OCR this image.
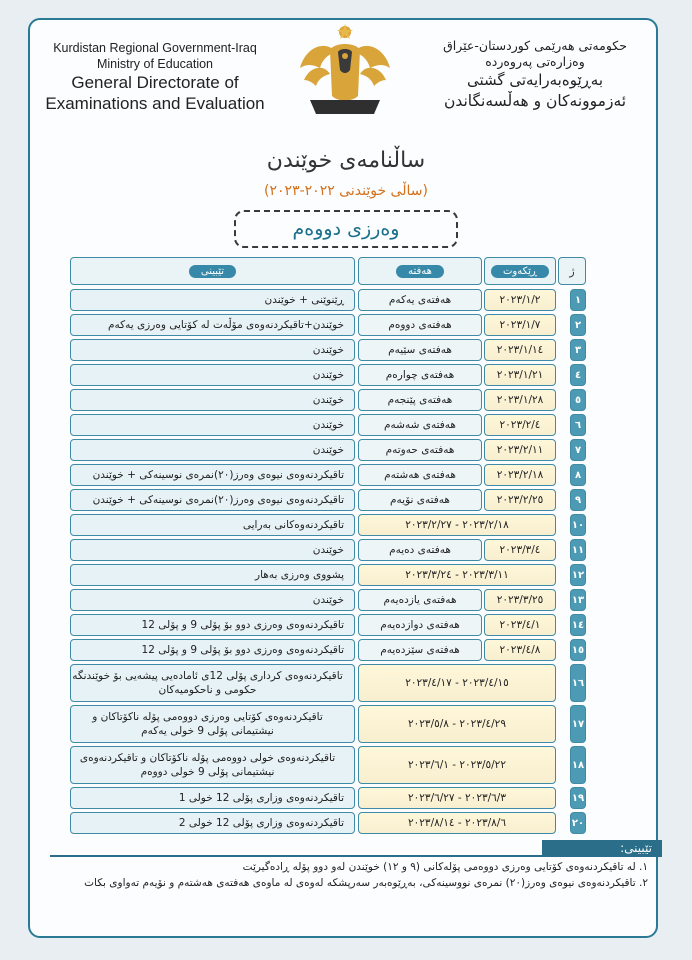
Kurdistan Regional Government-Iraq
Ministry of Education
General Directorate of
Examinations and Evaluation
حکومەتی هەرێمی کوردستان-عێراق
وەزارەتی پەروەردە
بەڕێوەبەرایەتی گشتی
ئەزموونەکان و هەڵسەنگاندن
ساڵنامەی خوێندن
(ساڵی خوێندنی ٢٠٢٢-٢٠٢٣)
وەرزی دووەم
ژ
ڕێکەوت
هەفتە
تێبینی
١
٢٠٢٣/١/٢
هەفتەی یەکەم
ڕێنوێنی + خوێندن
٢
٢٠٢٣/١/٧
هەفتەی دووەم
خوێندن+تاقیکردنەوەی مۆڵەت لە کۆتایی وەرزی یەکەم
٣
٢٠٢٣/١/١٤
هەفتەی سێیەم
خوێندن
٤
٢٠٢٣/١/٢١
هەفتەی چوارەم
خوێندن
٥
٢٠٢٣/١/٢٨
هەفتەی پێنجەم
خوێندن
٦
٢٠٢٣/٢/٤
هەفتەی شەشەم
خوێندن
٧
٢٠٢٣/٢/١١
هەفتەی حەوتەم
خوێندن
٨
٢٠٢٣/٢/١٨
هەفتەی هەشتەم
تاقیکردنەوەی نیوەی وەرز(٢٠)نمرەی نوسینەکی + خوێندن
٩
٢٠٢٣/٢/٢٥
هەفتەی نۆیەم
تاقیکردنەوەی نیوەی وەرز(٢٠)نمرەی نوسینەکی + خوێندن
١٠
٢٠٢٣/٢/١٨ - ٢٠٢٣/٢/٢٧
تاقیکردنەوەکانی بەرایی
١١
٢٠٢٣/٣/٤
هەفتەی دەیەم
خوێندن
١٢
٢٠٢٣/٣/١١ - ٢٠٢٣/٣/٢٤
پشووی وەرزی بەهار
١٣
٢٠٢٣/٣/٢٥
هەفتەی یازدەیەم
خوێندن
١٤
٢٠٢٣/٤/١
هەفتەی دوازدەیەم
تاقیکردنەوەی وەرزی دوو بۆ پۆلی 9 و پۆلی 12
١٥
٢٠٢٣/٤/٨
هەفتەی سێزدەیەم
تاقیکردنەوەی وەرزی دوو بۆ پۆلی 9 و پۆلی 12
١٦
٢٠٢٣/٤/١٥ - ٢٠٢٣/٤/١٧
تاقیکردنەوەی کرداری پۆلی 12ی ئامادەیی پیشەیی بۆ خوێندنگە حکومی و ناحکومیەکان
١٧
٢٠٢٣/٤/٢٩ - ٢٠٢٣/٥/٨
تاقیکردنەوەی کۆتایی وەرزی دووەمی پۆلە ناکۆتاکان و نیشتیمانی پۆلی 9 خولی یەکەم
١٨
٢٠٢٣/٥/٢٢ - ٢٠٢٣/٦/١
تاقیکردنەوەی خولی دووەمی پۆلە ناکۆتاکان و تاقیکردنەوەی نیشتیمانی پۆلی 9 خولی دووەم
١٩
٢٠٢٣/٦/٣ - ٢٠٢٣/٦/٢٧
تاقیکردنەوەی وزاری پۆلی 12 خولی 1
٢٠
٢٠٢٣/٨/٦ - ٢٠٢٣/٨/١٤
تاقیکردنەوەی وزاری پۆلی 12 خولی 2
تێبینی:
١. لە تاقیکردنەوەی کۆتایی وەرزی دووەمی پۆلەکانی (٩ و ١٢) خوێندن لەو دوو پۆلە ڕادەگیرێت
٢. تاقیکردنەوەی نیوەی وەرز(٢٠) نمرەی نووسینەکی، بەڕێوەبەر سەرپشکە لەوەی لە ماوەی هەفتەی هەشتەم و نۆیەم تەواوی بکات
